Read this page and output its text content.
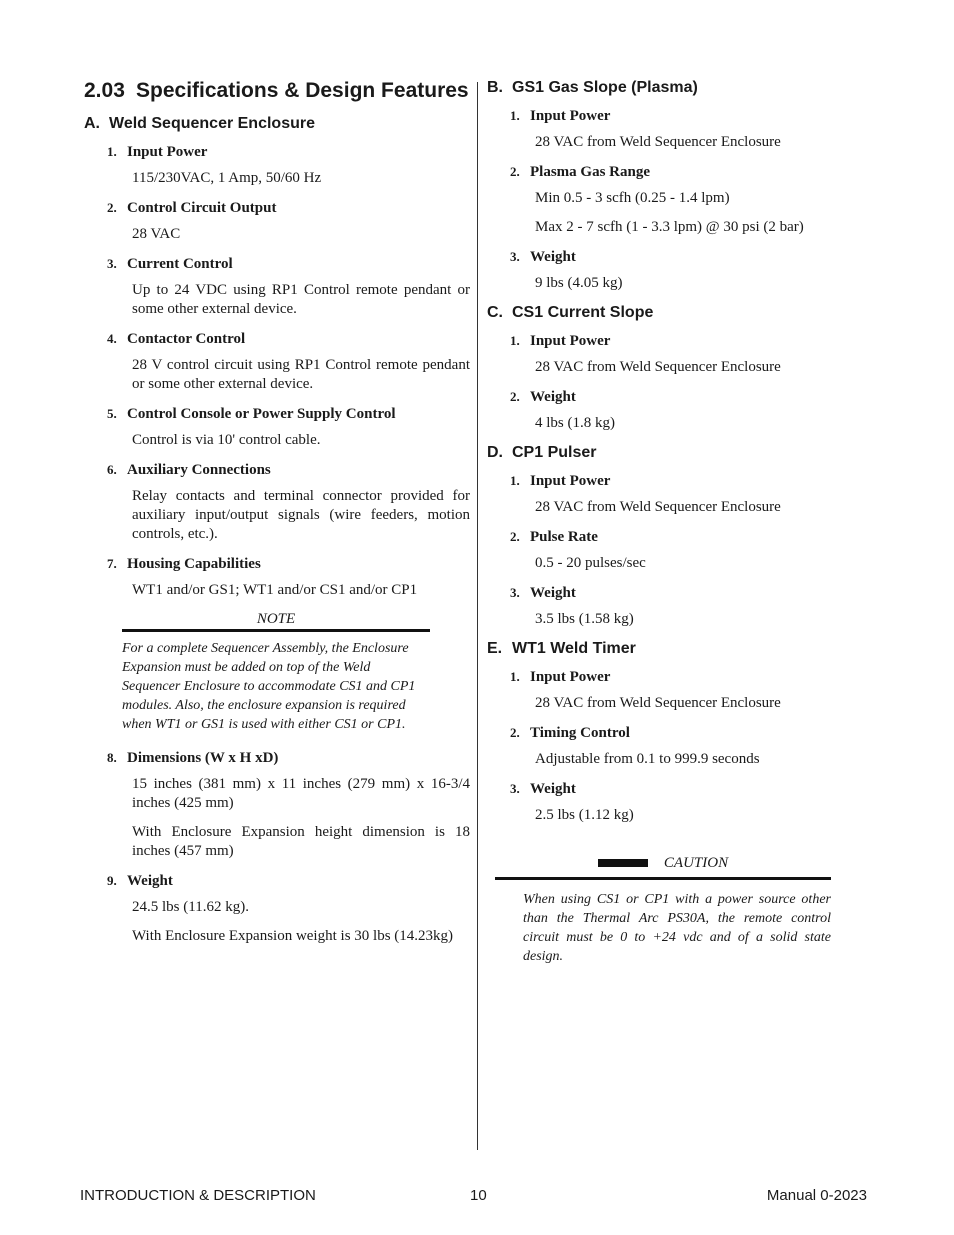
2.03 Specifications & Design Features
A. Weld Sequencer Enclosure
1. Input Power
115/230VAC, 1 Amp, 50/60 Hz
2. Control Circuit Output
28 VAC
3. Current Control
Up to 24 VDC using RP1 Control remote pendant or some other external device.
4. Contactor Control
28 V control circuit using RP1 Control remote pendant or some other external device.
5. Control Console or Power Supply Control
Control is via 10' control cable.
6. Auxiliary Connections
Relay contacts and terminal connector provided for auxiliary input/output signals (wire feeders, motion controls, etc.).
7. Housing Capabilities
WT1 and/or GS1; WT1 and/or CS1 and/or CP1
NOTE
For a complete Sequencer Assembly, the Enclosure Expansion must be added on top of the Weld Sequencer Enclosure to accommodate CS1 and CP1 modules. Also, the enclosure expansion is required when WT1 or GS1 is used with either CS1 or CP1.
8. Dimensions (W x H xD)
15 inches (381 mm) x 11 inches (279 mm) x 16-3/4 inches (425 mm)
With Enclosure Expansion height dimension is 18 inches (457 mm)
9. Weight
24.5 lbs (11.62 kg).
With Enclosure Expansion weight is 30 lbs (14.23kg)
B. GS1 Gas Slope (Plasma)
1. Input Power
28 VAC from Weld Sequencer Enclosure
2. Plasma Gas Range
Min 0.5 - 3 scfh (0.25 - 1.4 lpm)
Max 2 - 7 scfh (1 - 3.3 lpm) @ 30 psi (2 bar)
3. Weight
9 lbs (4.05 kg)
C. CS1 Current Slope
1. Input Power
28 VAC from Weld Sequencer Enclosure
2. Weight
4 lbs (1.8 kg)
D. CP1 Pulser
1. Input Power
28 VAC from Weld Sequencer Enclosure
2. Pulse Rate
0.5 - 20 pulses/sec
3. Weight
3.5 lbs (1.58 kg)
E. WT1 Weld Timer
1. Input Power
28 VAC from Weld Sequencer Enclosure
2. Timing Control
Adjustable from 0.1 to 999.9 seconds
3. Weight
2.5 lbs (1.12 kg)
CAUTION
When using CS1 or CP1 with a power source other than the Thermal Arc PS30A, the remote control circuit must be 0 to +24 vdc and of a solid state design.
INTRODUCTION & DESCRIPTION	10	Manual 0-2023
